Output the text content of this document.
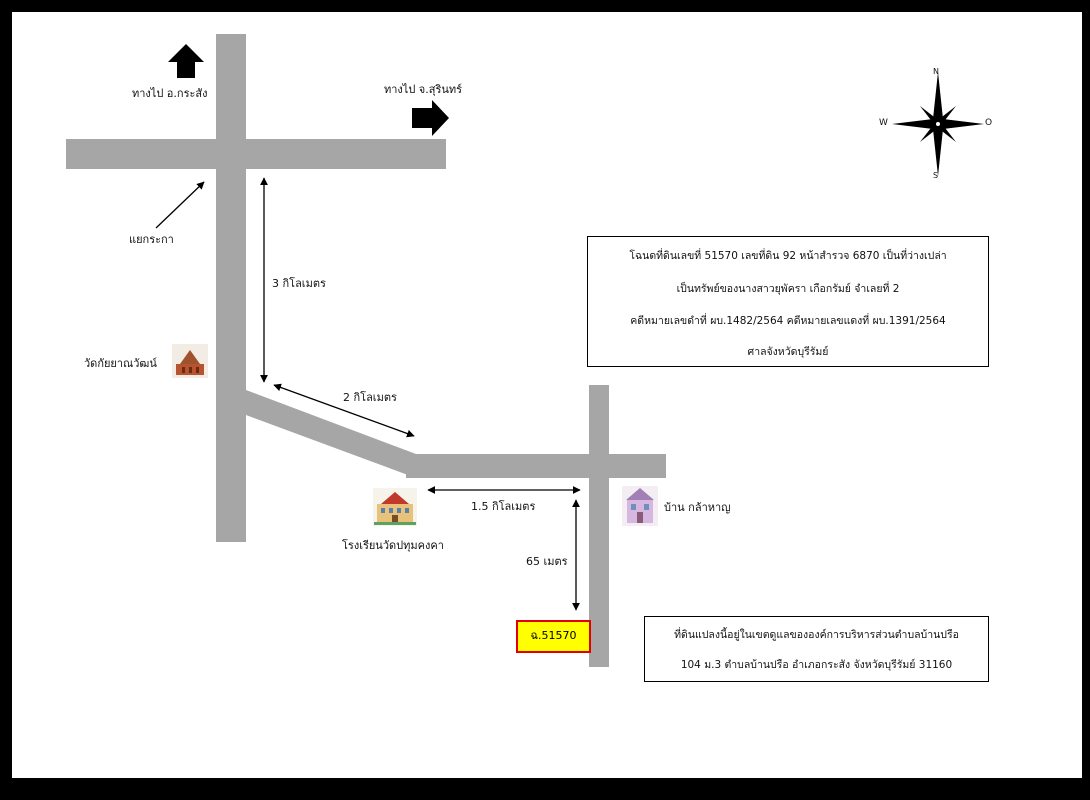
N
S
O
W
ทางไป อ.กระสัง	ทางไป จ.สุรินทร์
แยกระกา
วัดกัยยาณวัฒน์
โรงเรียนวัดปทุมคงคา
บ้าน กล้าหาญ
3 กิโลเมตร
2 กิโลเมตร
1.5 กิโลเมตร
65 เมตร
ฉ.51570
โฉนดที่ดินเลขที่ 51570 เลขที่ดิน 92 หน้าสำรวจ 6870 เป็นที่ว่างเปล่า
เป็นทรัพย์ของนางสาวยุพัครา เกือกรัมย์ จำเลยที่ 2
คดีหมายเลขดำที่ ผบ.1482/2564 คดีหมายเลขแดงที่ ผบ.1391/2564
ศาลจังหวัดบุรีรัมย์
ที่ดินแปลงนี้อยู่ในเขตดูแลขององค์การบริหารส่วนตำบลบ้านปรือ
104 ม.3 ตำบลบ้านปรือ อำเภอกระสัง จังหวัดบุรีรัมย์ 31160
